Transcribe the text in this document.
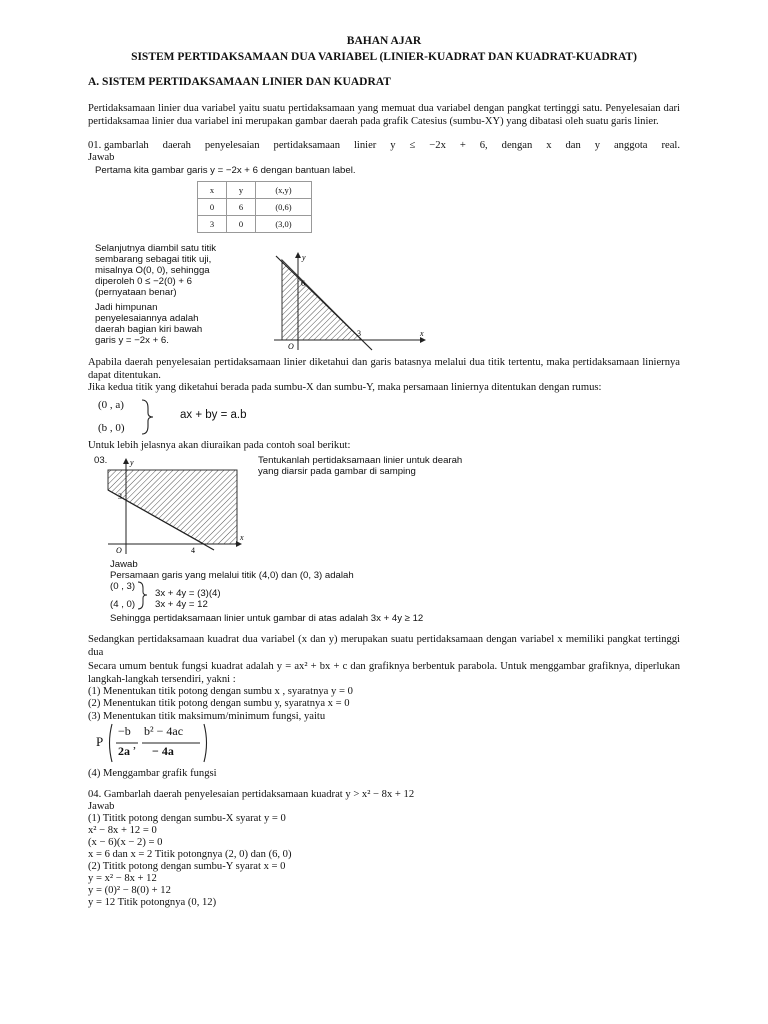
BAHAN AJAR
SISTEM PERTIDAKSAMAAN DUA VARIABEL (LINIER-KUADRAT DAN KUADRAT-KUADRAT)
A. SISTEM PERTIDAKSAMAAN LINIER DAN KUADRAT
Pertidaksamaan linier dua variabel yaitu suatu pertidaksamaan yang memuat dua variabel dengan pangkat tertinggi satu. Penyelesaian dari pertidaksamaa linier dua variabel ini merupakan gambar daerah pada grafik Catesius (sumbu-XY) yang dibatasi oleh suatu garis linier.
01. gambarlah daerah penyelesaian pertidaksamaan linier y ≤ −2x + 6, dengan x dan y anggota real.
Jawab
Pertama kita gambar garis y = −2x + 6 dengan bantuan label.
x	y	(x,y)
0	6	(0,6)
3	0	(3,0)
Selanjutnya diambil satu titik
sembarang sebagai titik uji,
misalnya O(0, 0), sehingga
diperoleh 0 ≤ −2(0) + 6
(pernyataan benar)
Jadi himpunan
penyelesaiannya adalah
daerah bagian kiri bawah
garis y = −2x + 6.
y
x
6
3
O
Apabila daerah penyelesaian pertidaksamaan linier diketahui dan garis batasnya melalui dua titik tertentu, maka pertidaksamaan liniernya dapat ditentukan.
Jika kedua titik yang diketahui berada pada sumbu-X dan sumbu-Y, maka persamaan liniernya ditentukan dengan rumus:
(0 , a)
(b , 0)
ax + by = a.b
Untuk lebih jelasnya akan diuraikan pada contoh soal berikut:
03.	Tentukanlah pertidaksamaan linier untuk dearah
yang diarsir pada gambar di samping
y
x
3
4
O
Jawab
Persamaan garis yang melalui titik (4,0) dan (0, 3) adalah
(0 , 3)
(4 , 0)
3x + 4y = (3)(4)
3x + 4y = 12
Sehingga pertidaksamaan linier untuk gambar di atas adalah 3x + 4y ≥ 12
Sedangkan pertidaksamaan kuadrat dua variabel (x dan y) merupakan suatu pertidaksamaan dengan variabel x memiliki pangkat tertinggi dua
Secara umum bentuk fungsi kuadrat adalah y = ax² + bx + c dan grafiknya berbentuk parabola. Untuk menggambar grafiknya, diperlukan langkah-langkah tersendiri, yakni :
(1) Menentukan titik potong dengan sumbu x , syaratnya y = 0
(2) Menentukan titik potong dengan sumbu y, syaratnya x = 0
(3) Menentukan titik maksimum/minimum fungsi, yaitu
P
−b
2a ,
b² − 4ac
− 4a
(4) Menggambar grafik fungsi
04. Gambarlah daerah penyelesaian pertidaksamaan kuadrat y > x² − 8x + 12
Jawab
(1) Tititk potong dengan sumbu-X syarat y = 0
x² − 8x + 12 = 0
(x − 6)(x − 2) = 0
x = 6 dan x = 2 Titik potongnya (2, 0) dan (6, 0)
(2) Tititk potong dengan sumbu-Y syarat x = 0
y = x² − 8x + 12
y = (0)² − 8(0) + 12
y = 12 Titik potongnya (0, 12)
